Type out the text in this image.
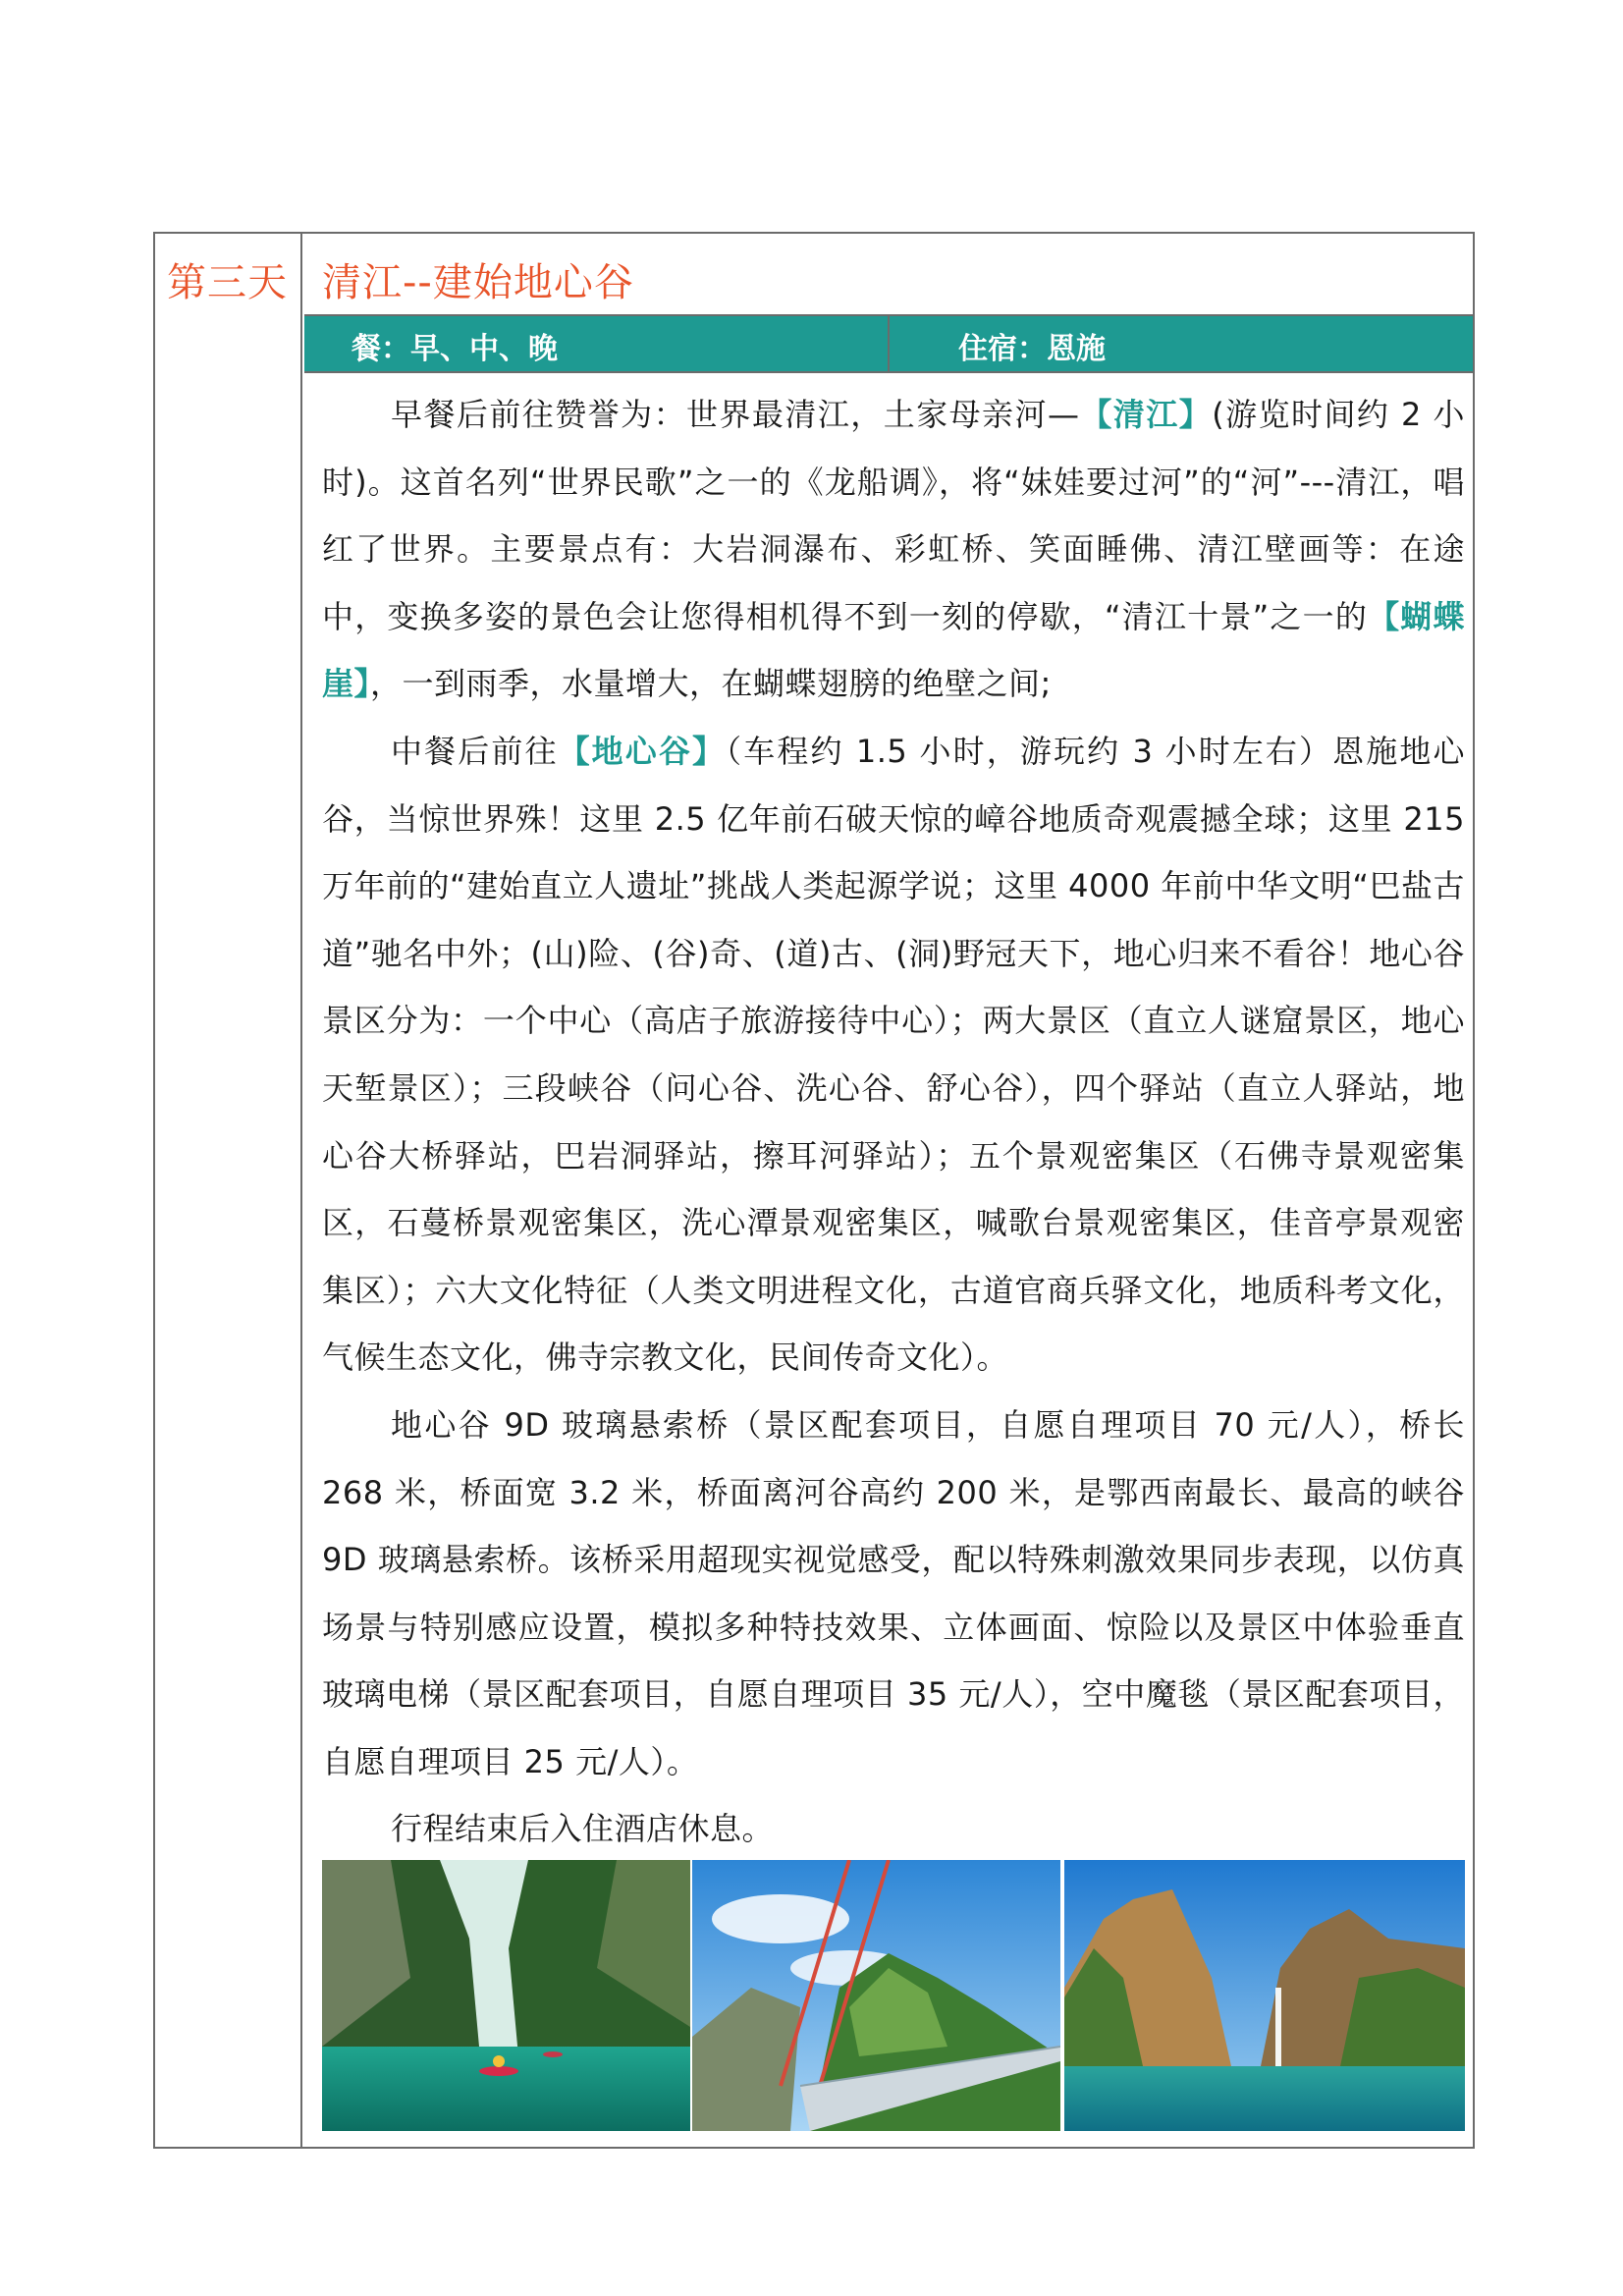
第三天 清江--建始地心谷
餐：早、中、晚	住宿：恩施

早餐后前往赞誉为：世界最清江，土家母亲河—【清江】(游览时间约 2 小时)。这首名列“世界民歌”之一的《龙船调》，将“妹娃要过河”的“河”---清江，唱红了世界。主要景点有：大岩洞瀑布、彩虹桥、笑面睡佛、清江壁画等：在途中，变换多姿的景色会让您得相机得不到一刻的停歇，“清江十景”之一的【蝴蝶崖】，一到雨季，水量增大，在蝴蝶翅膀的绝壁之间;

中餐后前往【地心谷】（车程约 1.5 小时，游玩约 3 小时左右）恩施地心谷，当惊世界殊！这里 2.5 亿年前石破天惊的嶂谷地质奇观震撼全球；这里 215 万年前的“建始直立人遗址”挑战人类起源学说；这里 4000 年前中华文明“巴盐古道”驰名中外；(山)险、(谷)奇、(道)古、(洞)野冠天下，地心归来不看谷！地心谷景区分为：一个中心（高店子旅游接待中心）；两大景区（直立人谜窟景区，地心天堑景区）；三段峡谷（问心谷、洗心谷、舒心谷），四个驿站（直立人驿站，地心谷大桥驿站，巴岩洞驿站，擦耳河驿站）；五个景观密集区（石佛寺景观密集区，石蔓桥景观密集区，洗心潭景观密集区，喊歌台景观密集区，佳音亭景观密集区）；六大文化特征（人类文明进程文化，古道官商兵驿文化，地质科考文化，气候生态文化，佛寺宗教文化，民间传奇文化）。

地心谷 9D 玻璃悬索桥（景区配套项目，自愿自理项目 70 元/人），桥长 268 米，桥面宽 3.2 米，桥面离河谷高约 200 米，是鄂西南最长、最高的峡谷 9D 玻璃悬索桥。该桥采用超现实视觉感受，配以特殊刺激效果同步表现，以仿真场景与特别感应设置，模拟多种特技效果、立体画面、惊险以及景区中体验垂直玻璃电梯（景区配套项目，自愿自理项目 35 元/人），空中魔毯（景区配套项目，自愿自理项目 25 元/人）。

行程结束后入住酒店休息。
